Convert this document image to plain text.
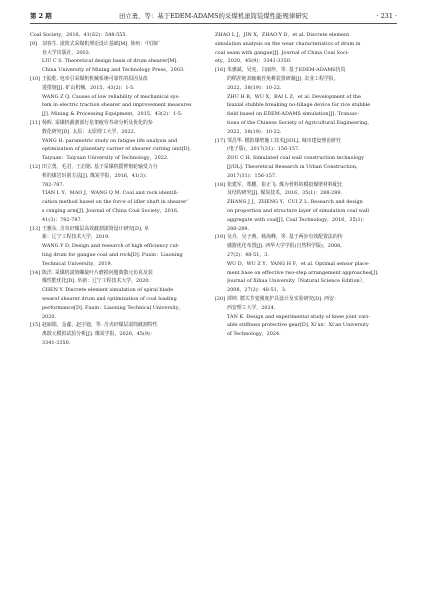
第 2 期	田立勇，等：基于EDEM-ADAMS的采煤机滚筒装煤性能规律研究	· 231 ·
Coal Society，2016，41(S2)：548-555.
[9] 刘春生. 滚筒式采煤机理论设计基础[M]. 徐州：中国矿
业大学出版社，2003.
LIU C S. Theoretical design basis of drum shearer[M].
China University of Mining and Technology Press，2003.
[10] 王振乾. 电牵引采煤机机械系统可靠性的原因及改
进措施[J]. 矿山机械，2015，43(2)：1-5.
WANG Z Q. Causes of low reliability of mechanical sys-
tem in electric traction shearer and improvement measures
[J]. Mining & Processing Equipment，2015，43(2)：1-5.
[11] 杨晖. 采煤机截割部行星架疲劳寿命分析及优化的参
数化研究[D]. 太原：太原理工大学，2022.
YANG H. parametric study on fatigue life analysis and
optimization of planetary carrier of shearer cutting unit[D].
Taiyuan：Taiyuan University of Technology，2022.
[12] 田立勇，毛君，王启铭. 基于采煤机摇臂惰轮轴受力分
析的煤岩识别方法[J]. 煤炭学报，2016，41(3)：
782-787.
TIAN L Y，MAO J，WANG Q M. Coal and rock identifi-
cation method based on the force of idler shaft in shearer’
s ranging arm[J]. Journal of China Coal Society，2016，
41(3)：782-787.
[13] 王雅东. 含夹矸煤层高效截割滚筒设计研究[D]. 阜
新：辽宁工程技术大学，2019.
WANG Y D. Design and research of high efficiency cut-
ting drum for gangue coal and rock[D]. Fuxin：Liaoning
Technical University，2019.
[14] 陈洋. 采煤机滚筒螺旋叶片磨损问题离散元仿真及装
煤性能优化[D]. 阜新：辽宁工程技术大学，2020.
CHEN Y. Discrete element simulation of spiral blade
wearof shearer drum and optimization of coal loading
performance[D]. Fuxin：Liaoning Technical University，
2020.
[15] 赵丽娟，金鑫，赵宇迪，等. 含夹矸煤层滚筒截割特性
离散元模拟试验分析[J]. 煤炭学报，2020，45(9)：
3341-3350.
ZHAO L J，JIN X，ZHAO Y D，et al. Discrete element
simulation analysis on the wear characteristics of drum in
coal seam with gangue[J]. Journal of China Coal Soci-
ety，2020，45(9)：3341-3350.
[16] 朱惠斌，吴宪，白丽珍，等. 基于EDEM-ADAMS仿真
的稻茬地双轴破茬免耕装置研制[J]. 农业工程学报，
2022，38(19)：10-22.
ZHU H B，WU X，BAI L Z，et al. Development of the
biaxial stubble breaking no-tillage device for rice stubble
field based on EDEM-ADAMS simulation[J]. Transac-
tions of the Chinese Society of Agricultural Engineering，
2022，38(19)：10-22.
[17] 邹昌华. 模拟煤壁施工技术[J/OL]. 城市建设理论研究
(电子版)，2017(31)：156-157.
ZOU C H. Simulated coal wall construction technology
[J/OL]. Theoretical Research in Urban Construction，
2017(31)：156-157.
[18] 张建军，郑鹏，崔正飞. 煤为骨料的模拟煤壁材料配比
及结构研究[J]. 煤炭技术，2016，35(1)：288-289.
ZHANG J J，ZHENG Y，CUI Z L. Research and design
on proportion and structure layer of simulation coal wall
aggregate with coal[J]. Coal Technology，2016，35(1)：
288-289.
[19] 吴丹，吴子燕，杨海峰，等. 基于两步有效配置法的传
感器优化布置[J]. 西华大学学报(自然科学版)，2008，
27(2)：48-51，3.
WU D，WU Z Y，YANG H F，et al. Optimal sensor place-
ment base on effective two-step arrangement approaches[J].
Journal of Xihua University（Natural Science Edition），
2008，27(2)：48-51，3.
[20] 谭坤. 膝关节变刚度护具设计及实验研究[D]. 西安：
西安理工大学，2024.
TAN K. Design and experimental study of knee joint vari-
able stiffness protective gear[D]. Xi’an：Xi’an University
of Technology，2024.
